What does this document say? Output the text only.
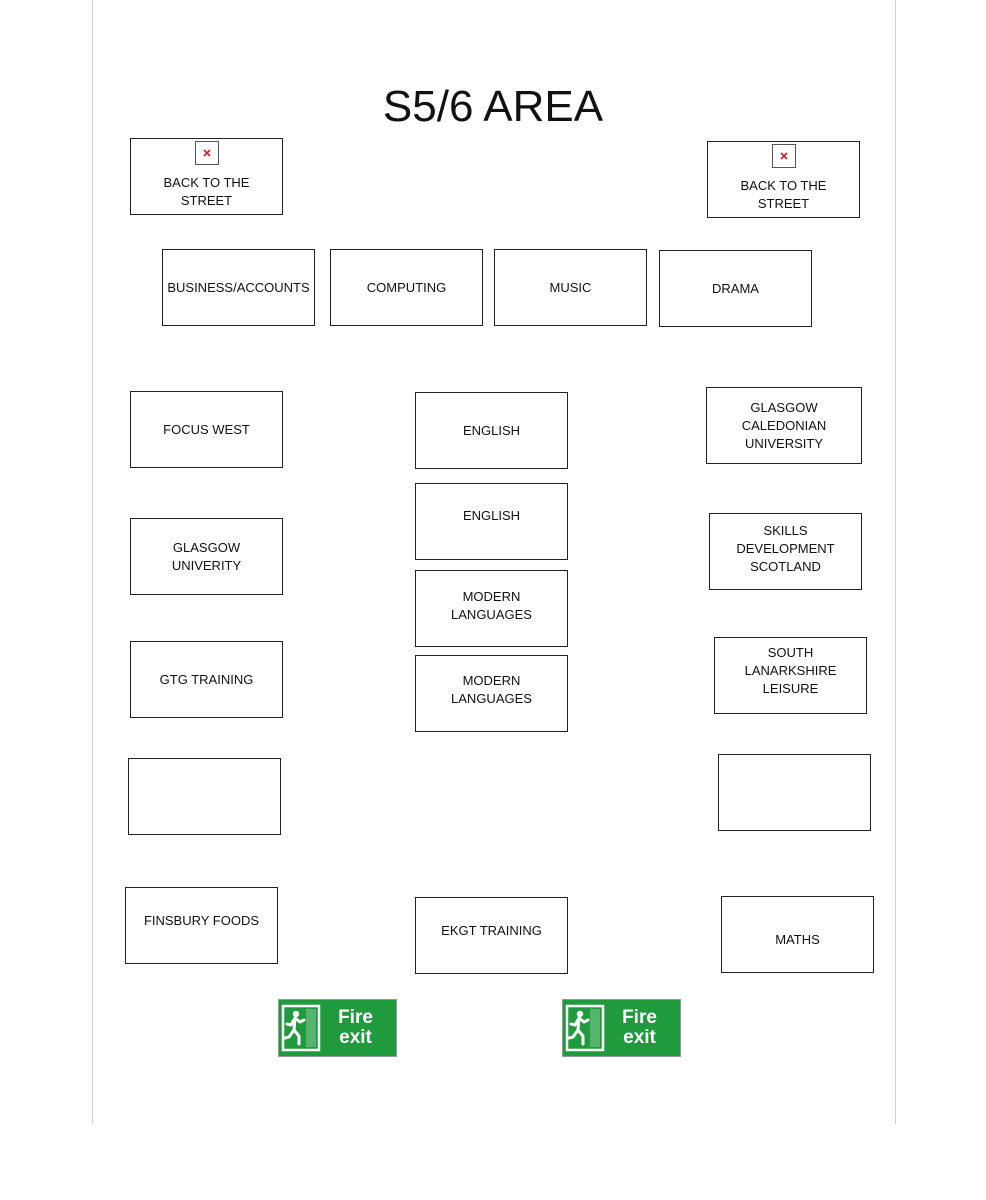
S5/6 AREA
BACK TO THE STREET
BACK TO THE STREET
BUSINESS/ACCOUNTS	COMPUTING	MUSIC	DRAMA
FOCUS WEST
GLASGOW UNIVERITY
GTG TRAINING
FINSBURY FOODS
ENGLISH
ENGLISH
MODERN
LANGUAGES
MODERN
LANGUAGES
EKGT TRAINING
GLASGOW
CALEDONIAN
UNIVERSITY
SKILLS
DEVELOPMENT
SCOTLAND
SOUTH LANARKSHIRE
LEISURE
MATHS
Fire
exit
Fire
exit
